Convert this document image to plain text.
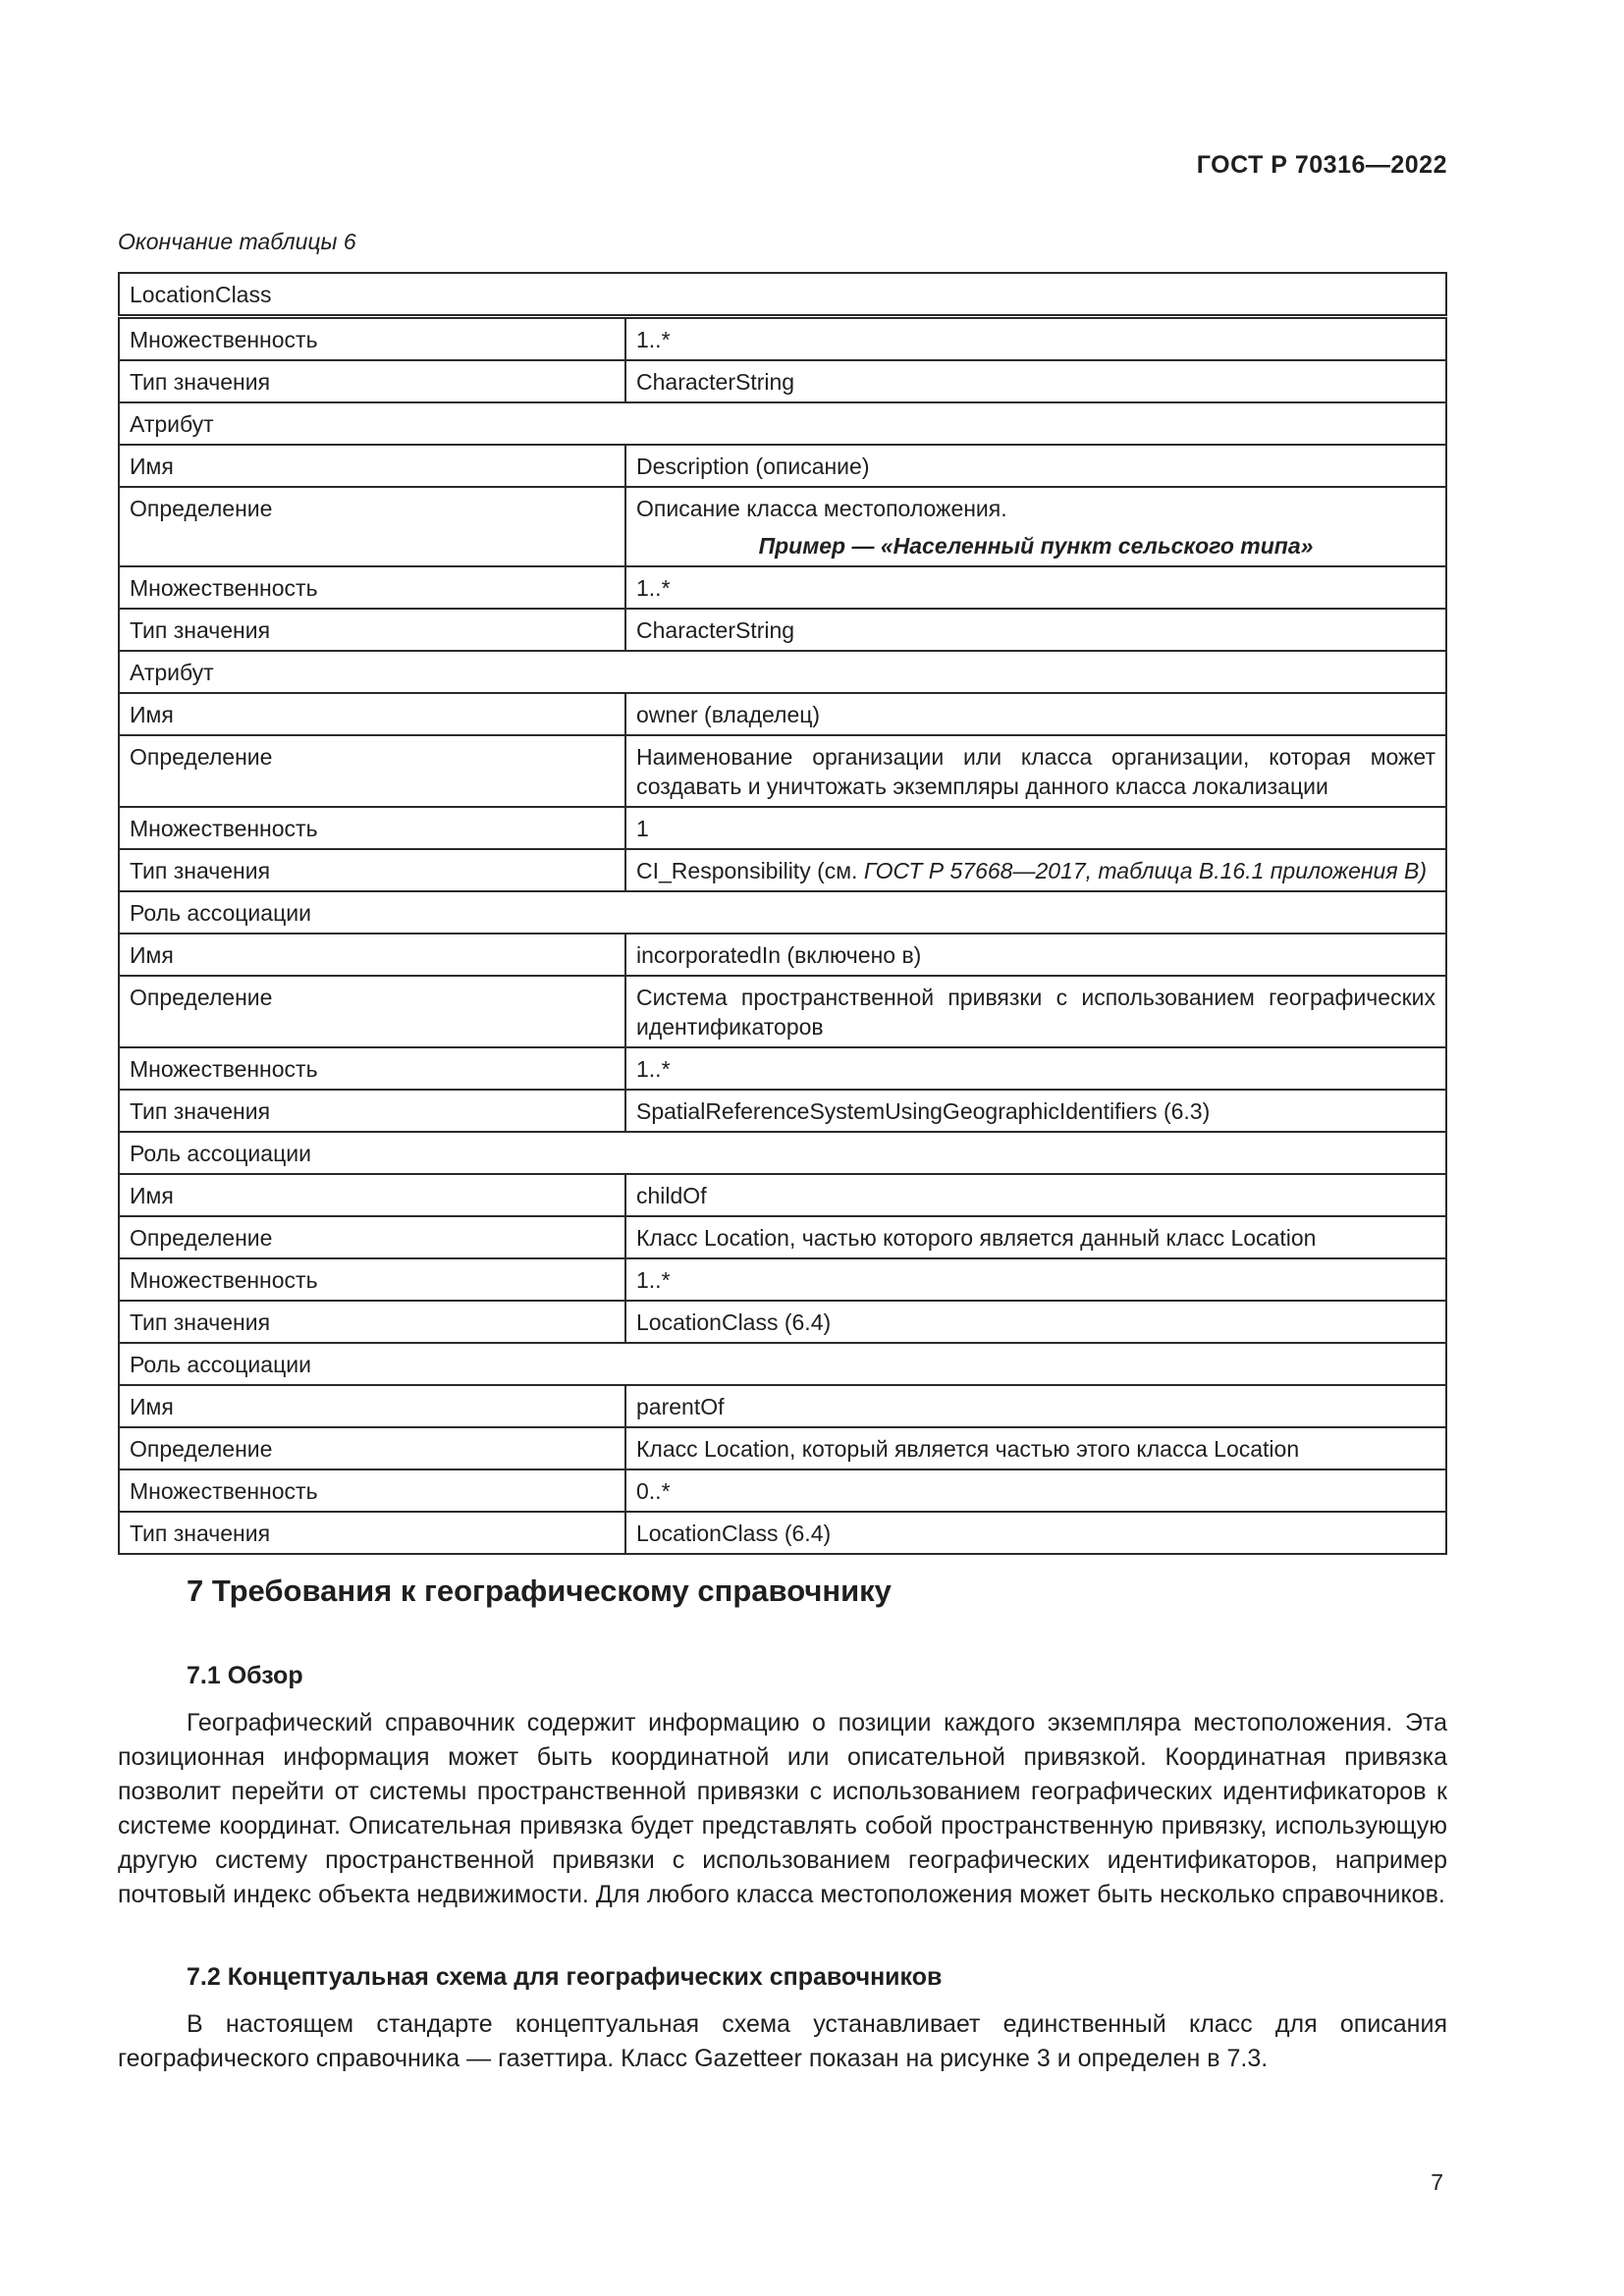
ГОСТ Р 70316—2022
Окончание таблицы 6
LocationClass	
Множественность	1..*
Тип значения	CharacterString
Атрибут	
Имя	Description (описание)
Определение	Описание класса местоположения.
Пример — «Населенный пункт сельского типа»

Множественность	1..*
Тип значения	CharacterString
Атрибут	
Имя	owner (владелец)
Определение	Наименование организации или класса организации, которая может создавать и уничтожать экземпляры данного класса локализации
Множественность	1
Тип значения	CI_Responsibility (см. ГОСТ Р 57668—2017, таблица В.16.1 приложения В)
Роль ассоциации	
Имя	incorporatedIn (включено в)
Определение	Система пространственной привязки с использованием географических идентификаторов
Множественность	1..*
Тип значения	SpatialReferenceSystemUsingGeographicIdentifiers (6.3)
Роль ассоциации	
Имя	childOf
Определение	Класс Location, частью которого является данный класс Location
Множественность	1..*
Тип значения	LocationClass (6.4)
Роль ассоциации	
Имя	parentOf
Определение	Класс Location, который является частью этого класса Location
Множественность	0..*
Тип значения	LocationClass (6.4)
7 Требования к географическому справочнику
7.1 Обзор
Географический справочник содержит информацию о позиции каждого экземпляра местоположения. Эта позиционная информация может быть координатной или описательной привязкой. Координатная привязка позволит перейти от системы пространственной привязки с использованием географических идентификаторов к системе координат. Описательная привязка будет представлять собой пространственную привязку, использующую другую систему пространственной привязки с использованием географических идентификаторов, например почтовый индекс объекта недвижимости. Для любого класса местоположения может быть несколько справочников.
7.2 Концептуальная схема для географических справочников
В настоящем стандарте концептуальная схема устанавливает единственный класс для описания географического справочника — газеттира. Класс Gazetteer показан на рисунке 3 и определен в 7.3.
7
